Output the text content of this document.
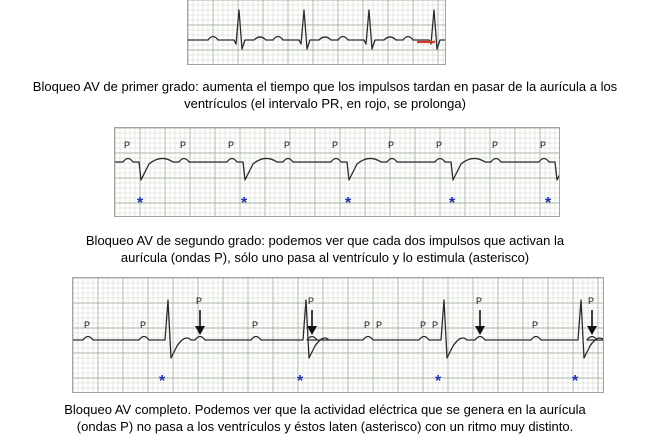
Bloqueo AV de primer grado: aumenta el tiempo que los impulsos tardan en pasar de la aurícula a los
ventrículos (el intervalo PR, en rojo, se prolonga)
P	P	P	P	P	P	P	P	P
*	*	*	*	*
Bloqueo AV de segundo grado: podemos ver que cada dos impulsos que activan la
aurícula (ondas P), sólo uno pasa al ventrículo y lo estimula (asterisco)
P	P
P
P
P
P	P
P
P
P
P	P
*	*	*	*
Bloqueo AV completo. Podemos ver que la actividad eléctrica que se genera en la aurícula
(ondas P) no pasa a los ventrículos y éstos laten (asterisco) con un ritmo muy distinto.
